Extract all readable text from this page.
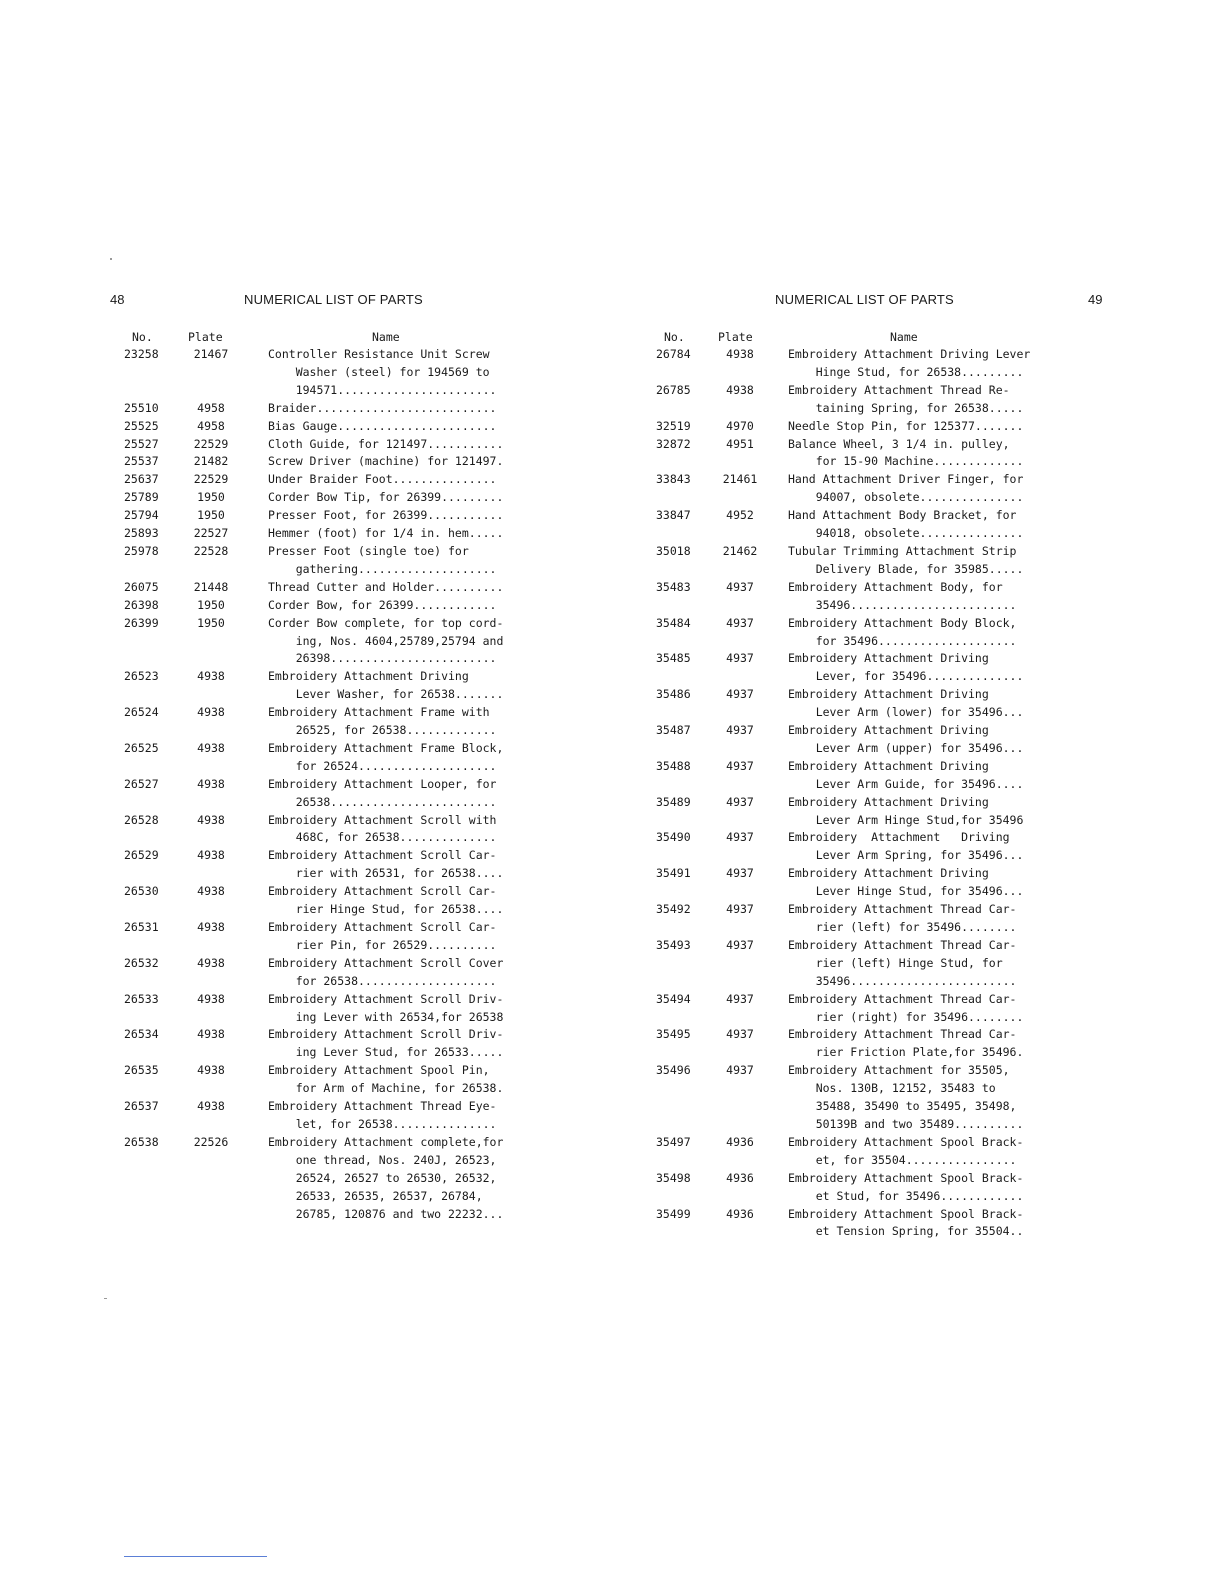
48	NUMERICAL LIST OF PARTS	NUMERICAL LIST OF PARTS	49
No.	Plate	Name
23258	21467	Controller Resistance Unit Screw
Washer (steel) for 194569 to
194571.......................
25510	4958	Braider..........................
25525	4958	Bias Gauge.......................
25527	22529	Cloth Guide, for 121497...........
25537	21482	Screw Driver (machine) for 121497.
25637	22529	Under Braider Foot...............
25789	1950	Corder Bow Tip, for 26399.........
25794	1950	Presser Foot, for 26399...........
25893	22527	Hemmer (foot) for 1/4 in. hem.....
25978	22528	Presser Foot (single toe) for
gathering....................
26075	21448	Thread Cutter and Holder..........
26398	1950	Corder Bow, for 26399............
26399	1950	Corder Bow complete, for top cord-
ing, Nos. 4604,25789,25794 and
26398........................
26523	4938	Embroidery Attachment Driving
Lever Washer, for 26538.......
26524	4938	Embroidery Attachment Frame with
26525, for 26538.............
26525	4938	Embroidery Attachment Frame Block,
for 26524....................
26527	4938	Embroidery Attachment Looper, for
26538........................
26528	4938	Embroidery Attachment Scroll with
468C, for 26538..............
26529	4938	Embroidery Attachment Scroll Car-
rier with 26531, for 26538....
26530	4938	Embroidery Attachment Scroll Car-
rier Hinge Stud, for 26538....
26531	4938	Embroidery Attachment Scroll Car-
rier Pin, for 26529..........
26532	4938	Embroidery Attachment Scroll Cover
for 26538....................
26533	4938	Embroidery Attachment Scroll Driv-
ing Lever with 26534,for 26538
26534	4938	Embroidery Attachment Scroll Driv-
ing Lever Stud, for 26533.....
26535	4938	Embroidery Attachment Spool Pin,
for Arm of Machine, for 26538.
26537	4938	Embroidery Attachment Thread Eye-
let, for 26538...............
26538	22526	Embroidery Attachment complete,for
one thread, Nos. 240J, 26523,
26524, 26527 to 26530, 26532,
26533, 26535, 26537, 26784,
26785, 120876 and two 22232...
No.	Plate	Name
26784	4938	Embroidery Attachment Driving Lever
Hinge Stud, for 26538.........
26785	4938	Embroidery Attachment Thread Re-
taining Spring, for 26538.....
32519	4970	Needle Stop Pin, for 125377.......
32872	4951	Balance Wheel, 3 1/4 in. pulley,
for 15-90 Machine.............
33843	21461	Hand Attachment Driver Finger, for
94007, obsolete...............
33847	4952	Hand Attachment Body Bracket, for
94018, obsolete...............
35018	21462	Tubular Trimming Attachment Strip
Delivery Blade, for 35985.....
35483	4937	Embroidery Attachment Body, for
35496........................
35484	4937	Embroidery Attachment Body Block,
for 35496....................
35485	4937	Embroidery Attachment Driving
Lever, for 35496..............
35486	4937	Embroidery Attachment Driving
Lever Arm (lower) for 35496...
35487	4937	Embroidery Attachment Driving
Lever Arm (upper) for 35496...
35488	4937	Embroidery Attachment Driving
Lever Arm Guide, for 35496....
35489	4937	Embroidery Attachment Driving
Lever Arm Hinge Stud,for 35496
35490	4937	Embroidery  Attachment   Driving
Lever Arm Spring, for 35496...
35491	4937	Embroidery Attachment Driving
Lever Hinge Stud, for 35496...
35492	4937	Embroidery Attachment Thread Car-
rier (left) for 35496........
35493	4937	Embroidery Attachment Thread Car-
rier (left) Hinge Stud, for
35496........................
35494	4937	Embroidery Attachment Thread Car-
rier (right) for 35496........
35495	4937	Embroidery Attachment Thread Car-
rier Friction Plate,for 35496.
35496	4937	Embroidery Attachment for 35505,
Nos. 130B, 12152, 35483 to
35488, 35490 to 35495, 35498,
50139B and two 35489..........
35497	4936	Embroidery Attachment Spool Brack-
et, for 35504................
35498	4936	Embroidery Attachment Spool Brack-
et Stud, for 35496............
35499	4936	Embroidery Attachment Spool Brack-
et Tension Spring, for 35504..
